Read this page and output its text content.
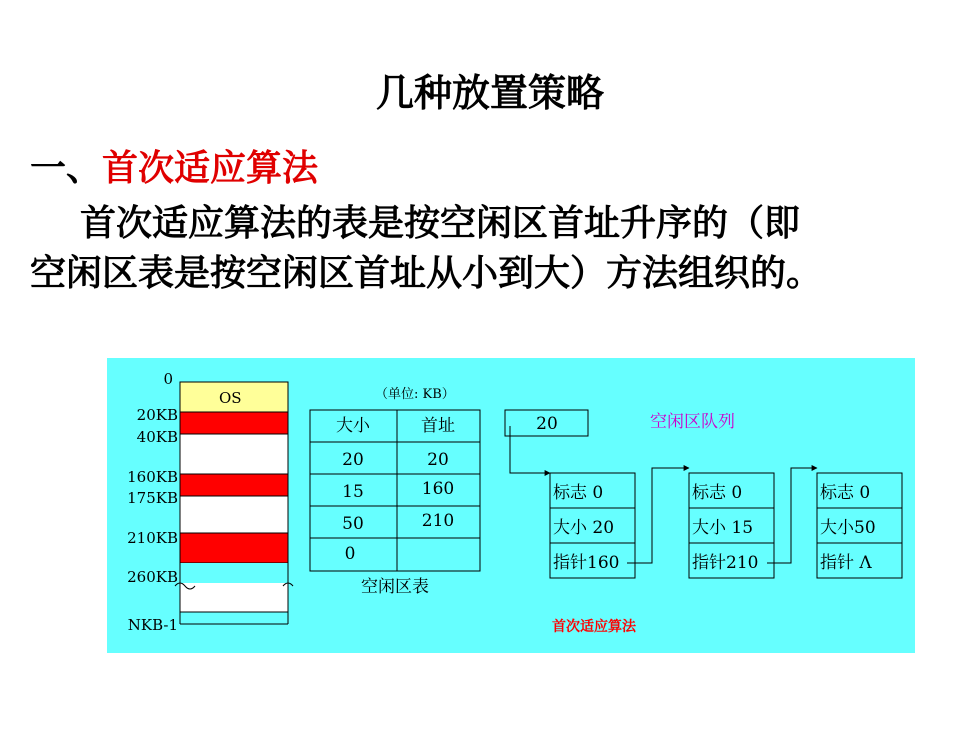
几种放置策略
一、首次适应算法
首次适应算法的表是按空闲区首址升序的（即
空闲区表是按空闲区首址从小到大）方法组织的。
OS
0
20KB
40KB
160KB
175KB
210KB
260KB
NKB-1
（单位: KB）
大小	首址
20	20
15	160
50	210
0
空闲区表
20	空闲区队列
标志 0
大小 20
指针160
标志 0
大小 15
指针210
标志 0
大小50
指针 Λ
首次适应算法
